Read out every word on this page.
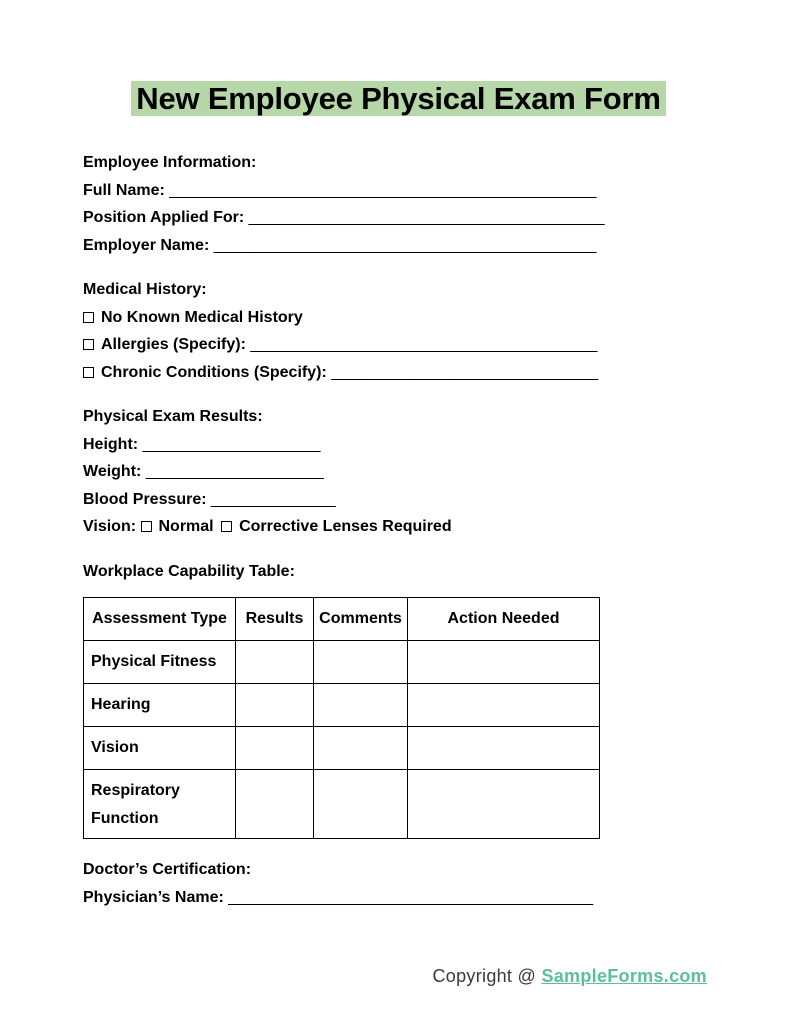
New Employee Physical Exam Form

Employee Information:

Full Name: ________________________________________________

Position Applied For: ________________________________________

Employer Name: ___________________________________________

Medical History:

No Known Medical History

Allergies (Specify): _______________________________________

Chronic Conditions (Specify): ______________________________

Physical Exam Results:

Height: ____________________

Weight: ____________________

Blood Pressure: ______________

Vision: Normal Corrective Lenses Required

Workplace Capability Table:

Assessment Type	Results	Comments	Action Needed
Physical Fitness			
Hearing			
Vision			
Respiratory Function			

Doctor’s Certification:

Physician’s Name: _________________________________________

Copyright @ SampleForms.com
